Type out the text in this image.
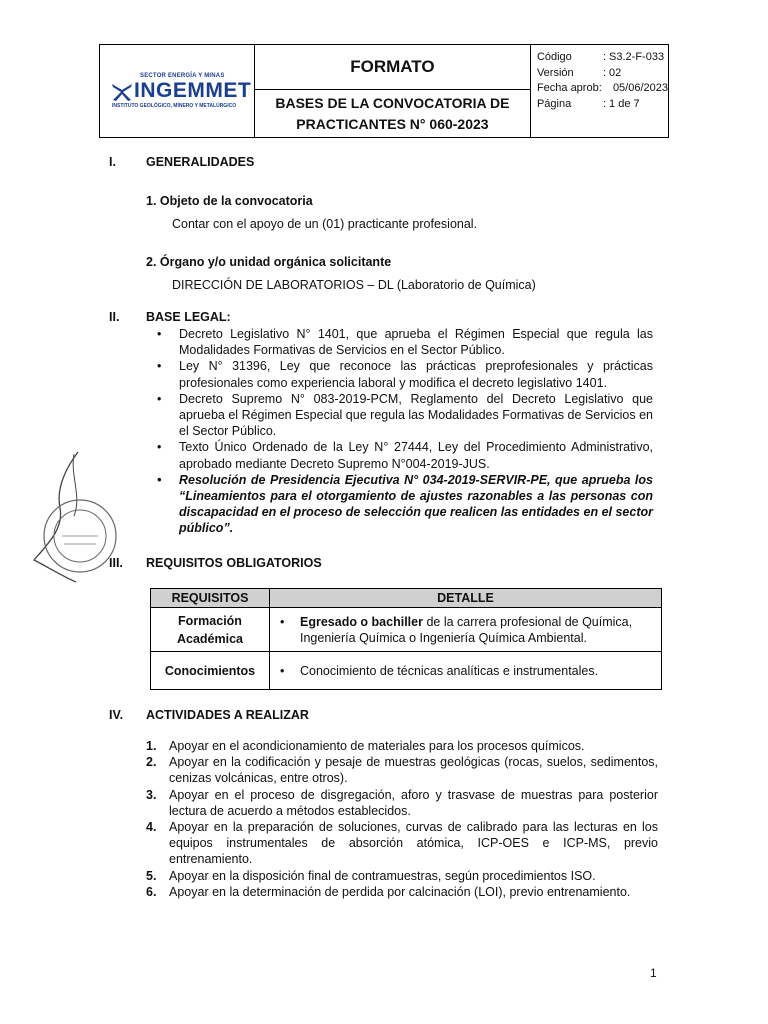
SECTOR ENERGÍA Y MINAS
INGEMMET
INSTITUTO GEOLÓGICO, MINERO Y METALÚRGICO
FORMATO
BASES DE LA CONVOCATORIA DE
PRACTICANTES N° 060-2023
Código	: S3.2-F-033
Versión	: 02
Fecha aprob:	05/06/2023
Página	: 1 de 7
I. GENERALIDADES
1. Objeto de la convocatoria
Contar con el apoyo de un (01) practicante profesional.
2. Órgano y/o unidad orgánica solicitante
DIRECCIÓN DE LABORATORIOS – DL (Laboratorio de Química)
II. BASE LEGAL:
• Decreto Legislativo N° 1401, que aprueba el Régimen Especial que regula las Modalidades Formativas de Servicios en el Sector Público.
• Ley N° 31396, Ley que reconoce las prácticas preprofesionales y prácticas profesionales como experiencia laboral y modifica el decreto legislativo 1401.
• Decreto Supremo N° 083-2019-PCM, Reglamento del Decreto Legislativo que aprueba el Régimen Especial que regula las Modalidades Formativas de Servicios en el Sector Público.
• Texto Único Ordenado de la Ley N° 27444, Ley del Procedimiento Administrativo, aprobado mediante Decreto Supremo N°004-2019-JUS.
• Resolución de Presidencia Ejecutiva N° 034-2019-SERVIR-PE, que aprueba los “Lineamientos para el otorgamiento de ajustes razonables a las personas con discapacidad en el proceso de selección que realicen las entidades en el sector público”.
III. REQUISITOS OBLIGATORIOS
REQUISITOS	DETALLE

Formación
Académica	• Egresado o bachiller de la carrera profesional de Química, Ingeniería Química o Ingeniería Química Ambiental.

Conocimientos	• Conocimiento de técnicas analíticas e instrumentales.
IV. ACTIVIDADES A REALIZAR
1. Apoyar en el acondicionamiento de materiales para los procesos químicos.
2. Apoyar en la codificación y pesaje de muestras geológicas (rocas, suelos, sedimentos, cenizas volcánicas, entre otros).
3. Apoyar en el proceso de disgregación, aforo y trasvase de muestras para posterior lectura de acuerdo a métodos establecidos.
4. Apoyar en la preparación de soluciones, curvas de calibrado para las lecturas en los equipos instrumentales de absorción atómica, ICP-OES e ICP-MS, previo entrenamiento.
5. Apoyar en la disposición final de contramuestras, según procedimientos ISO.
6. Apoyar en la determinación de perdida por calcinación (LOI), previo entrenamiento.
1
